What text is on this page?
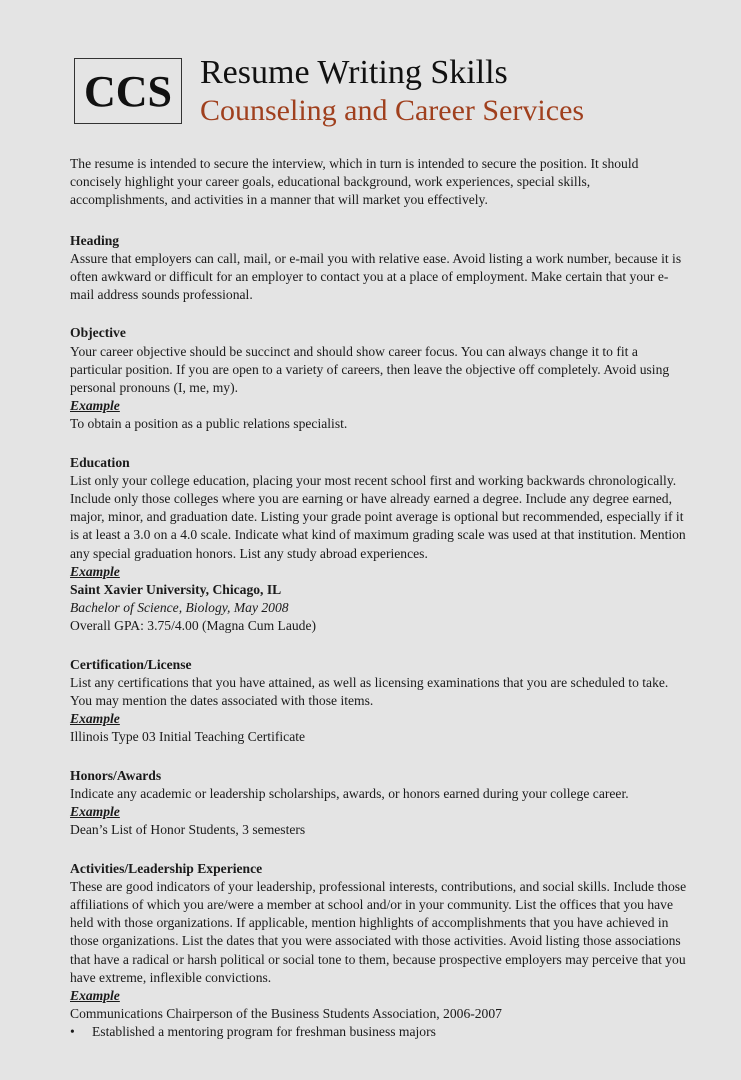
CCS Resume Writing Skills
Counseling and Career Services

The resume is intended to secure the interview, which in turn is intended to secure the position. It should concisely highlight your career goals, educational background, work experiences, special skills, accomplishments, and activities in a manner that will market you effectively.

Heading

Assure that employers can call, mail, or e-mail you with relative ease. Avoid listing a work number, because it is often awkward or difficult for an employer to contact you at a place of employment. Make certain that your e-mail address sounds professional.

Objective

Your career objective should be succinct and should show career focus. You can always change it to fit a particular position. If you are open to a variety of careers, then leave the objective off completely. Avoid using personal pronouns (I, me, my).

Example

To obtain a position as a public relations specialist.

Education

List only your college education, placing your most recent school first and working backwards chronologically. Include only those colleges where you are earning or have already earned a degree. Include any degree earned, major, minor, and graduation date. Listing your grade point average is optional but recommended, especially if it is at least a 3.0 on a 4.0 scale. Indicate what kind of maximum grading scale was used at that institution. Mention any special graduation honors. List any study abroad experiences.

Example

Saint Xavier University, Chicago, IL

Bachelor of Science, Biology, May 2008

Overall GPA: 3.75/4.00 (Magna Cum Laude)

Certification/License

List any certifications that you have attained, as well as licensing examinations that you are scheduled to take. You may mention the dates associated with those items.

Example

Illinois Type 03 Initial Teaching Certificate

Honors/Awards

Indicate any academic or leadership scholarships, awards, or honors earned during your college career.

Example

Dean’s List of Honor Students, 3 semesters

Activities/Leadership Experience

These are good indicators of your leadership, professional interests, contributions, and social skills. Include those affiliations of which you are/were a member at school and/or in your community. List the offices that you have held with those organizations. If applicable, mention highlights of accomplishments that you have achieved in those organizations. List the dates that you were associated with those activities. Avoid listing those associations that have a radical or harsh political or social tone to them, because prospective employers may perceive that you have extreme, inflexible convictions.

Example

Communications Chairperson of the Business Students Association, 2006-2007

•	Established a mentoring program for freshman business majors
